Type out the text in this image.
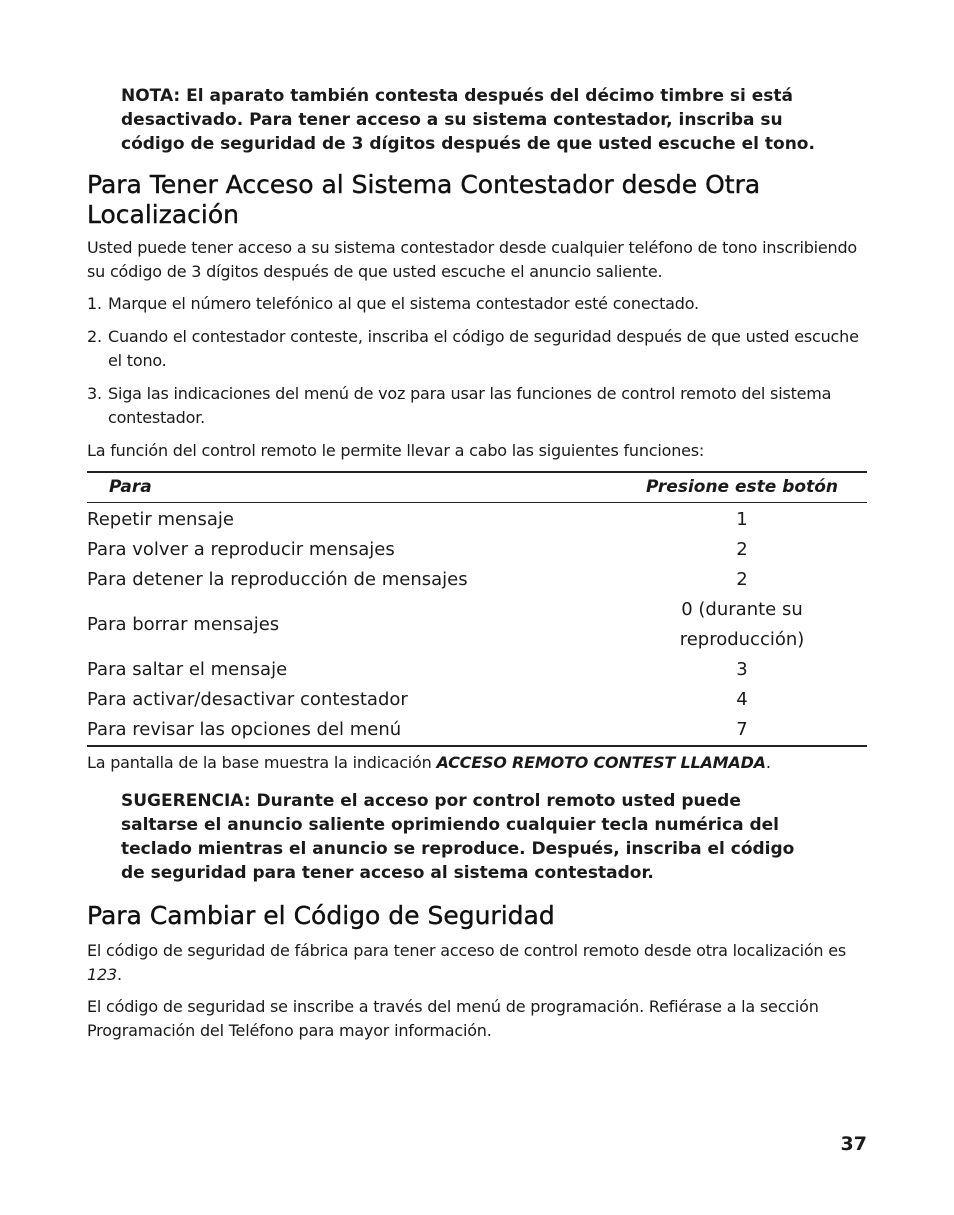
NOTA: El aparato también contesta después del décimo timbre si está desactivado. Para tener acceso a su sistema contestador, inscriba su código de seguridad de 3 dígitos después de que usted escuche el tono.

Para Tener Acceso al Sistema Contestador desde Otra Localización

Usted puede tener acceso a su sistema contestador desde cualquier teléfono de tono inscribiendo su código de 3 dígitos después de que usted escuche el anuncio saliente.

1. Marque el número telefónico al que el sistema contestador esté conectado.
2. Cuando el contestador conteste, inscriba el código de seguridad después de que usted escuche el tono.
3. Siga las indicaciones del menú de voz para usar las funciones de control remoto del sistema contestador.

La función del control remoto le permite llevar a cabo las siguientes funciones:

Para	Presione este botón
Repetir mensaje	1
Para volver a reproducir mensajes	2
Para detener la reproducción de mensajes	2
Para borrar mensajes	0 (durante su reproducción)
Para saltar el mensaje	3
Para activar/desactivar contestador	4
Para revisar las opciones del menú	7

La pantalla de la base muestra la indicación ACCESO REMOTO CONTEST LLAMADA.

SUGERENCIA: Durante el acceso por control remoto usted puede saltarse el anuncio saliente oprimiendo cualquier tecla numérica del teclado mientras el anuncio se reproduce. Después, inscriba el código de seguridad para tener acceso al sistema contestador.

Para Cambiar el Código de Seguridad

El código de seguridad de fábrica para tener acceso de control remoto desde otra localización es 123.

El código de seguridad se inscribe a través del menú de programación. Refiérase a la sección Programación del Teléfono para mayor información.

37
